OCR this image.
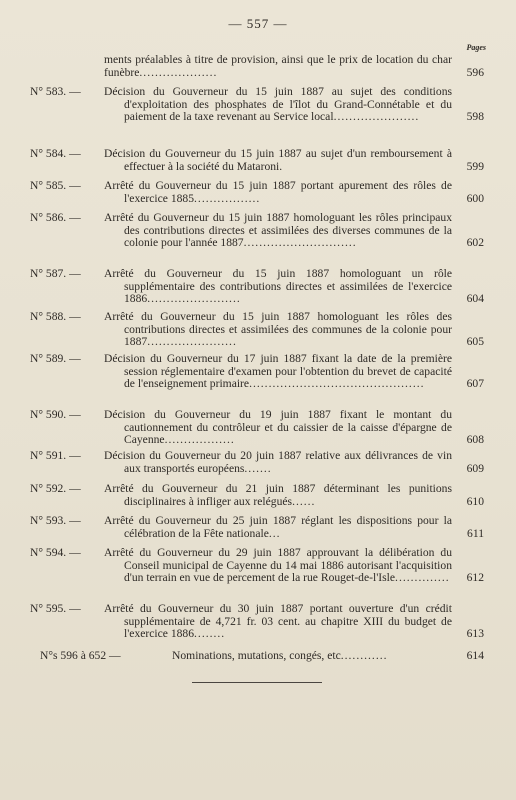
— 557 —
Pages
ments préalables à titre de provision, ainsi que le prix de location du char funèbre....................	596
N° 583. — Décision du Gouverneur du 15 juin 1887 au sujet des conditions d'exploitation des phosphates de l'îlot du Grand-Connétable et du paiement de la taxe revenant au Service local......................	598
N° 584. — Décision du Gouverneur du 15 juin 1887 au sujet d'un remboursement à effectuer à la société du Mataroni.	599
N° 585. — Arrêté du Gouverneur du 15 juin 1887 portant apurement des rôles de l'exercice 1885.................	600
N° 586. — Arrêté du Gouverneur du 15 juin 1887 homologuant les rôles principaux des contributions directes et assimilées des diverses communes de la colonie pour l'année 1887.............................	602
N° 587. — Arrêté du Gouverneur du 15 juin 1887 homologuant un rôle supplémentaire des contributions directes et assimilées de l'exercice 1886........................	604
N° 588. — Arrêté du Gouverneur du 15 juin 1887 homologuant les rôles des contributions directes et assimilées des communes de la colonie pour 1887.......................	605
N° 589. — Décision du Gouverneur du 17 juin 1887 fixant la date de la première session réglementaire d'examen pour l'obtention du brevet de capacité de l'enseignement primaire.............................................	607
N° 590. — Décision du Gouverneur du 19 juin 1887 fixant le montant du cautionnement du contrôleur et du caissier de la caisse d'épargne de Cayenne..................	608
N° 591. — Décision du Gouverneur du 20 juin 1887 relative aux délivrances de vin aux transportés européens.......	609
N° 592. — Arrêté du Gouverneur du 21 juin 1887 déterminant les punitions disciplinaires à infliger aux relégués......	610
N° 593. — Arrêté du Gouverneur du 25 juin 1887 réglant les dispositions pour la célébration de la Fête nationale...	611
N° 594. — Arrêté du Gouverneur du 29 juin 1887 approuvant la délibération du Conseil municipal de Cayenne du 14 mai 1886 autorisant l'acquisition d'un terrain en vue de percement de la rue Rouget-de-l'Isle..............	612
N° 595. — Arrêté du Gouverneur du 30 juin 1887 portant ouverture d'un crédit supplémentaire de 4,721 fr. 03 cent. au chapitre XIII du budget de l'exercice 1886........	613
N°s 596 à 652 —	Nominations, mutations, congés, etc............	614
